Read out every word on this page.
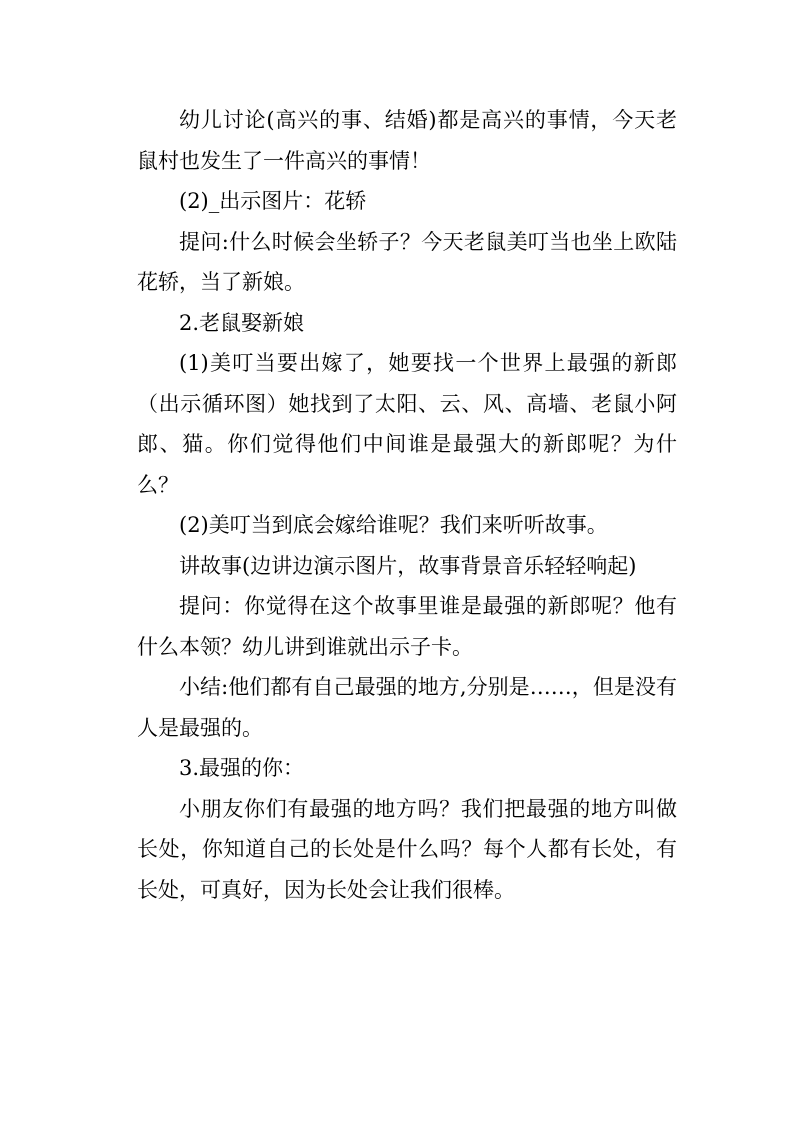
幼儿讨论(高兴的事、结婚)都是高兴的事情，今天老鼠村也发生了一件高兴的事情！

(2)_出示图片：花轿

提问:什么时候会坐轿子？今天老鼠美叮当也坐上欧陆花轿，当了新娘。

2.老鼠娶新娘

(1)美叮当要出嫁了，她要找一个世界上最强的新郎（出示循环图）她找到了太阳、云、风、高墙、老鼠小阿郎、猫。你们觉得他们中间谁是最强大的新郎呢？为什么？

(2)美叮当到底会嫁给谁呢？我们来听听故事。

讲故事(边讲边演示图片，故事背景音乐轻轻响起)

提问：你觉得在这个故事里谁是最强的新郎呢？他有什么本领？幼儿讲到谁就出示子卡。

小结:他们都有自己最强的地方,分别是……，但是没有人是最强的。

3.最强的你：

小朋友你们有最强的地方吗？我们把最强的地方叫做长处，你知道自己的长处是什么吗？每个人都有长处，有长处，可真好，因为长处会让我们很棒。
